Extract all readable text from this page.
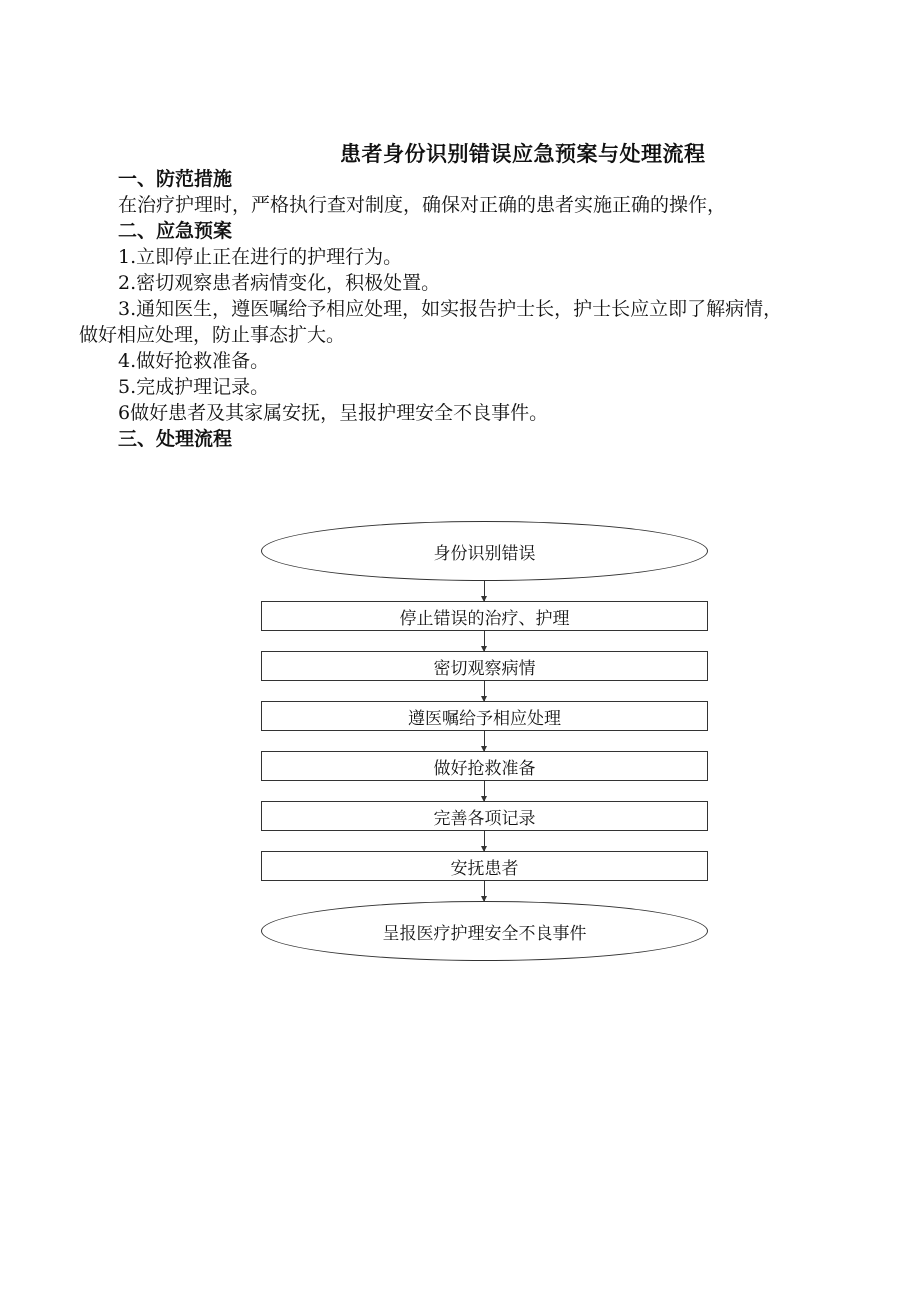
患者身份识别错误应急预案与处理流程
一、防范措施
在治疗护理时，严格执行查对制度，确保对正确的患者实施正确的操作，
二、应急预案
1.立即停止正在进行的护理行为。
2.密切观察患者病情变化，积极处置。
3.通知医生，遵医嘱给予相应处理，如实报告护士长，护士长应立即了解病情，
做好相应处理，防止事态扩大。
4.做好抢救准备。
5.完成护理记录。
6做好患者及其家属安抚，呈报护理安全不良事件。
三、处理流程
身份识别错误
停止错误的治疗、护理
密切观察病情
遵医嘱给予相应处理
做好抢救准备
完善各项记录
安抚患者
呈报医疗护理安全不良事件
